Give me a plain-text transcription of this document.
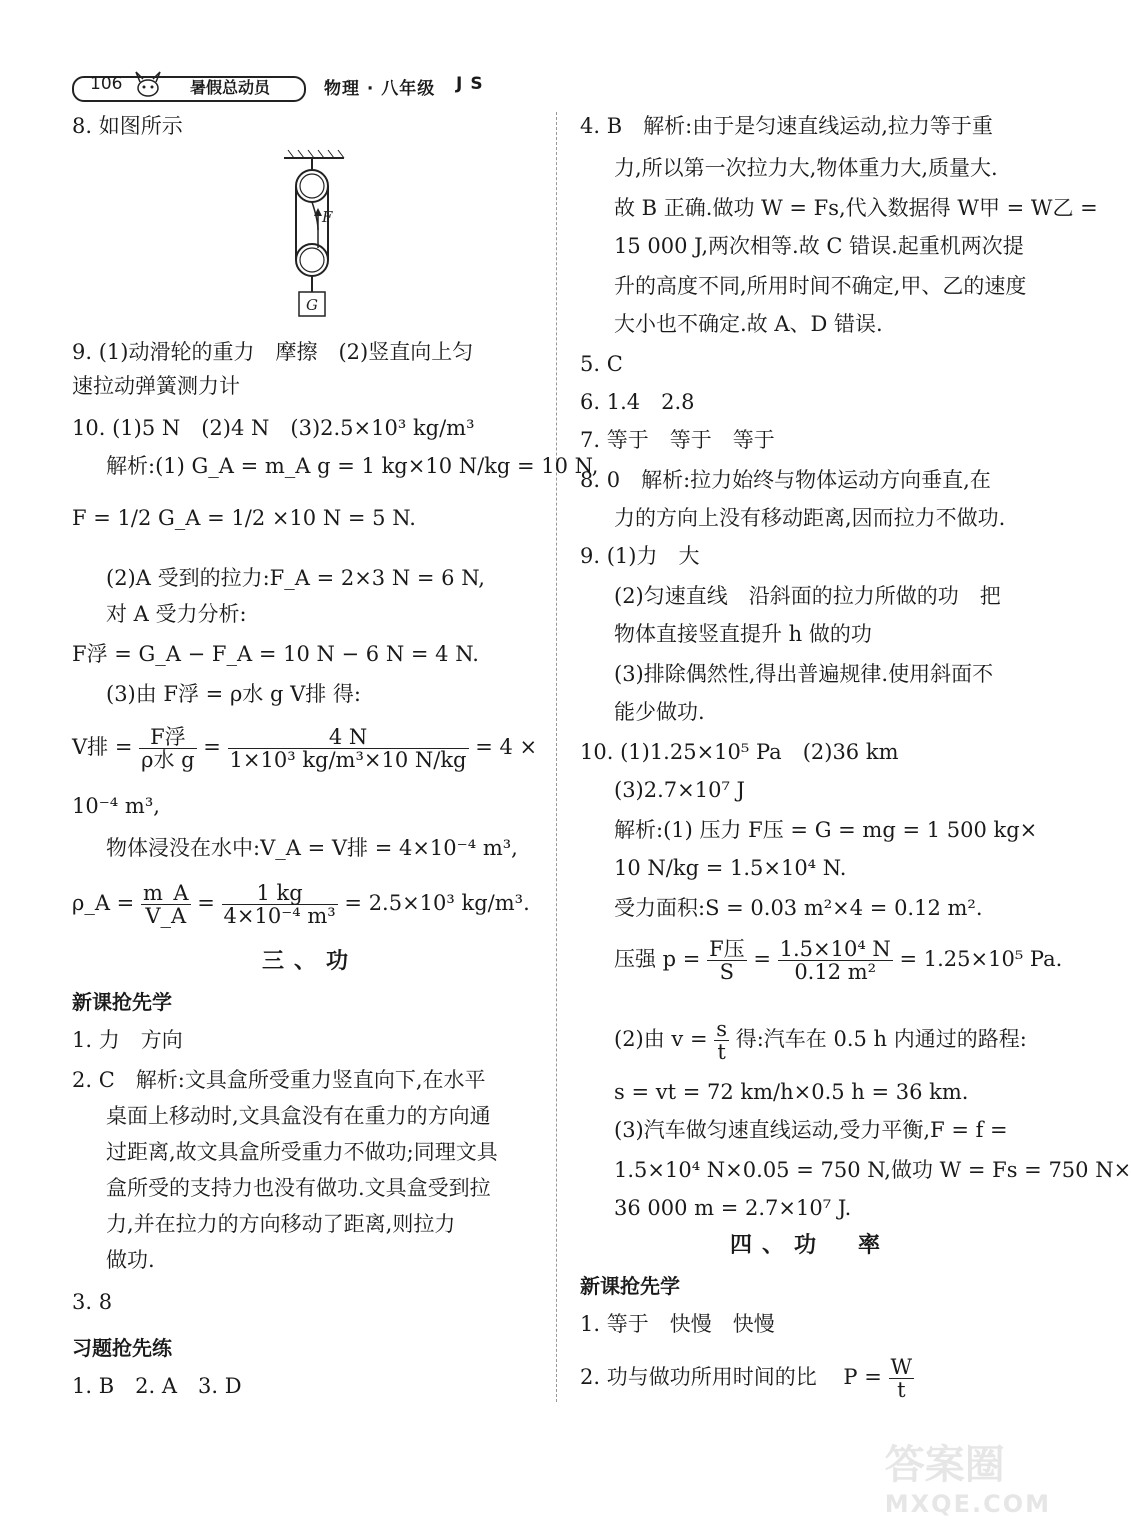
106	暑假总动员	物理 · 八年级 JS
8. 如图所示
F
G
9. (1)动滑轮的重力　摩擦　(2)竖直向上匀
速拉动弹簧测力计
10. (1)5 N　(2)4 N　(3)2.5×10³ kg/m³
解析:(1) G_A = m_A g = 1 kg×10 N/kg = 10 N,
F = 1/2 G_A = 1/2 ×10 N = 5 N.
(2)A 受到的拉力:F_A = 2×3 N = 6 N,
对 A 受力分析:
F浮 = G_A − F_A = 10 N − 6 N = 4 N.
(3)由 F浮 = ρ水 g V排 得:
V排 = $\frac{\text{F浮}}{\text{ρ水 g}} = \frac{4 N}{\text{1×10³ kg/m³×10 N/kg}} = 4$ ×
10⁻⁴ m³,
物体浸没在水中:V_A = V排 = 4×10⁻⁴ m³,
ρ_A = $\frac{m\_A}{V\_A} = \frac{1 kg}{\text{4×10⁻⁴ m³}} = 2.5\times 10^3$ kg/m³.
三、功
新课抢先学
1. 力　方向
2. C　解析:文具盒所受重力竖直向下,在水平
桌面上移动时,文具盒没有在重力的方向通
过距离,故文具盒所受重力不做功;同理文具
盒所受的支持力也没有做功.文具盒受到拉
力,并在拉力的方向移动了距离,则拉力
做功.
3. 8
习题抢先练
1. B　2. A　3. D
4. B　解析:由于是匀速直线运动,拉力等于重
力,所以第一次拉力大,物体重力大,质量大.
故 B 正确.做功 W = Fs,代入数据得 W甲 = W乙 =
15 000 J,两次相等.故 C 错误.起重机两次提
升的高度不同,所用时间不确定,甲、乙的速度
大小也不确定.故 A、D 错误.
5. C
6. 1.4　2.8
7. 等于　等于　等于
8. 0　解析:拉力始终与物体运动方向垂直,在
力的方向上没有移动距离,因而拉力不做功.
9. (1)力　大
(2)匀速直线　沿斜面的拉力所做的功　把
物体直接竖直提升 h 做的功
(3)排除偶然性,得出普遍规律.使用斜面不
能少做功.
10. (1)1.25×10⁵ Pa　(2)36 km
(3)2.7×10⁷ J
解析:(1) 压力 F压 = G = mg = 1 500 kg×
10 N/kg = 1.5×10⁴ N.
受力面积:S = 0.03 m²×4 = 0.12 m².
压强 $p = \frac{\text{F压}}{S} = \frac{\text{1.5×10⁴ N}}{\text{0.12 m²}} = 1.25\times 10^5$ Pa.
(2)由 $v = \frac{s}{t}$ 得:汽车在 0.5 h 内通过的路程:
s = vt = 72 km/h×0.5 h = 36 km.
(3)汽车做匀速直线运动,受力平衡,F = f =
1.5×10⁴ N×0.05 = 750 N,做功 W = Fs = 750 N×
36 000 m = 2.7×10⁷ J.
四、功　率
新课抢先学
1. 等于　快慢　快慢
2. 功与做功所用时间的比 $P = \frac{W}{t}$
答案圈
MXQE.COM
